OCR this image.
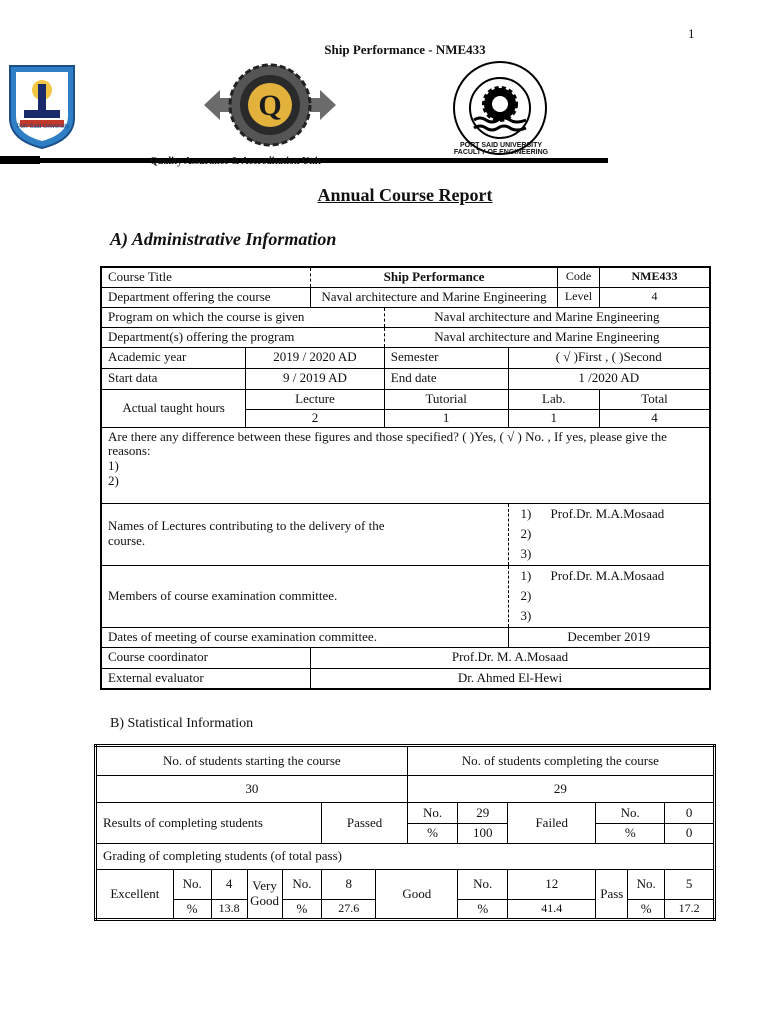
1
Ship Performance - NME433
Port Said University
Q
PORT SAID UNIVERSITY FACULTY OF ENGINEERING
Quality Assurance & Accreditation Unit
Annual Course Report
A) Administrative Information
Course Title		Ship Performance			Code	NME433
Department offering the course		Naval architecture and Marine Engineering			Level	4
Program on which the course is given			Naval architecture and Marine Engineering			
Department(s) offering the program			Naval architecture and Marine Engineering			
Academic year	2019 / 2020 AD		Semester	( √ )First , ( )Second		
Start data	9 / 2019 AD		End date	1 /2020 AD		
Actual taught hours	Lecture		Tutorial	Lab.		Total
	2		1	1		4

Are there any difference between these figures and those specified? ( )Yes, ( √ ) No. , If yes, please give the reasons:
1)
2)						

Names of Lectures contributing to the delivery of the course.				1) Prof.Dr. M.A.Mosaad
2)
3)		

Members of course examination committee.				1) Prof.Dr. M.A.Mosaad
2)
3)		

Dates of meeting of course examination committee.				December 2019		
Course coordinator		Prof.Dr. M. A.Mosaad				
External evaluator		Dr. Ahmed El-Hewi				
B) Statistical Information
No. of students starting the course							No. of students completing the course					
30							29					
Results of completing students					Passed		No.	29	Failed	No.		0
							%	100		%		0
Grading of completing students (of total pass)												
Excellent	No.	4	Very Good	No.	8	Good		No.	12	Pass	No.	5
	%	13.8		%	27.6			%	41.4		%	17.2
